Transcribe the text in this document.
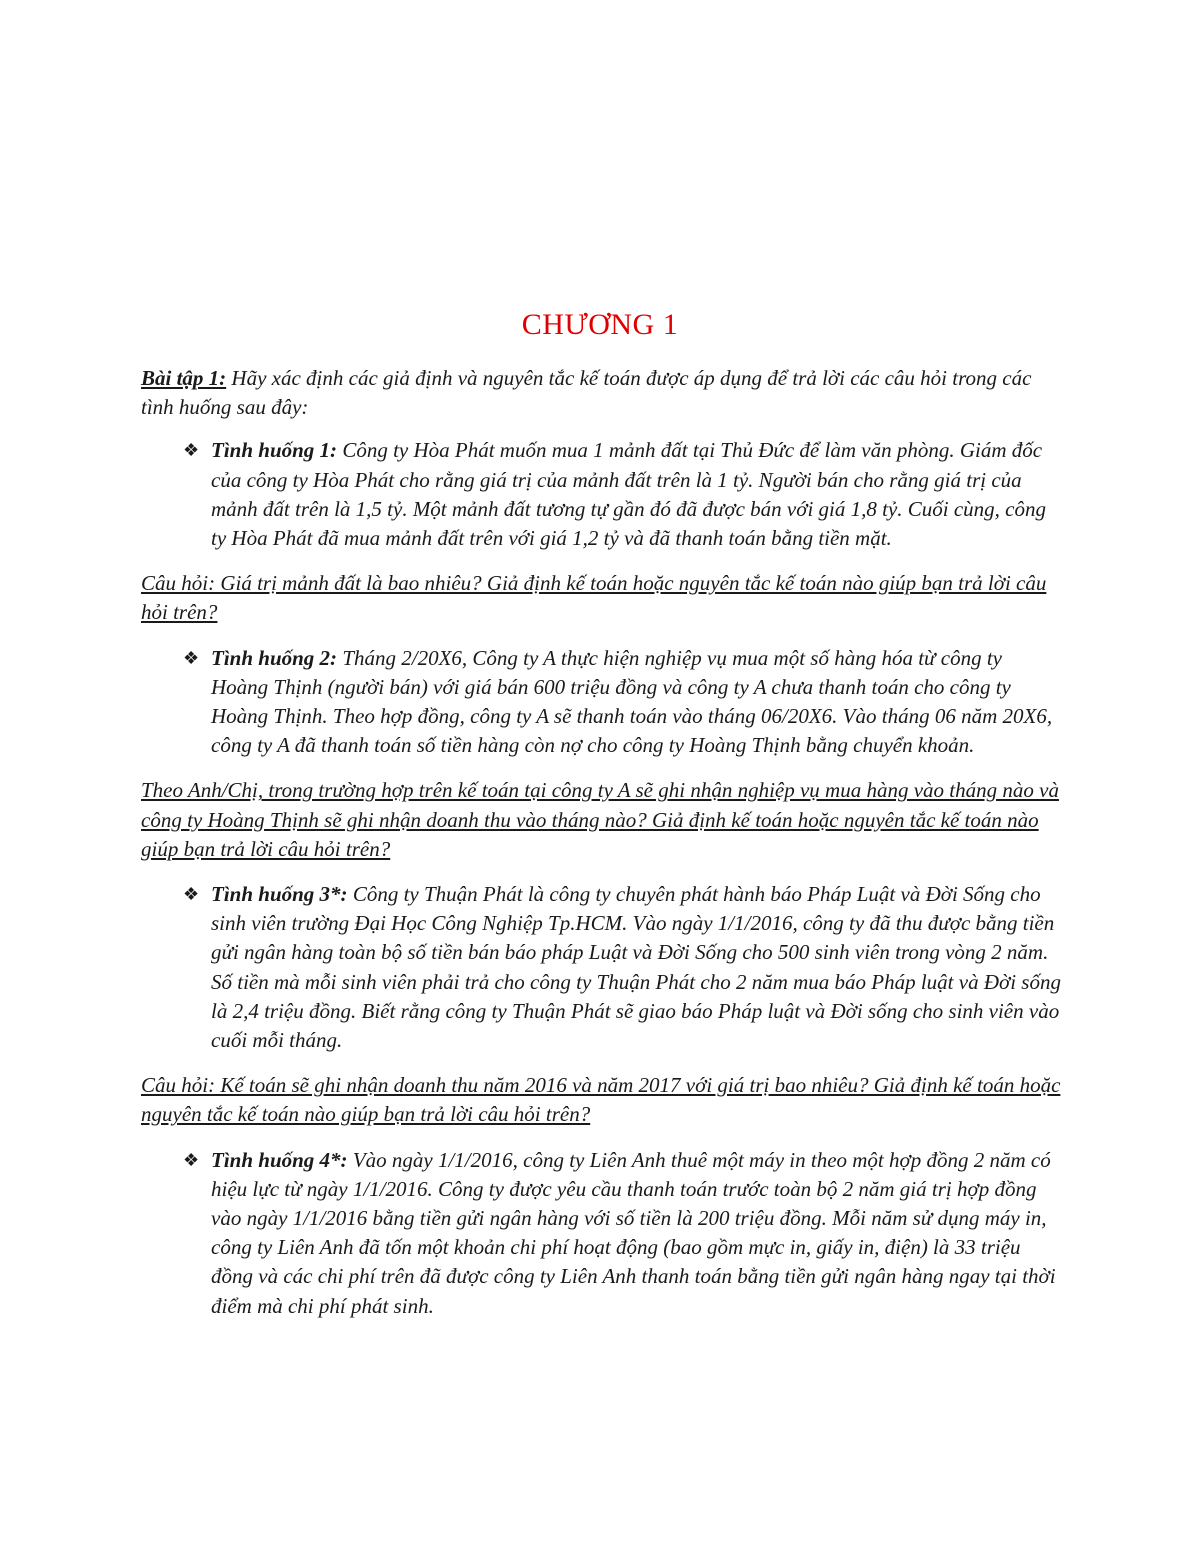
CHƯƠNG 1

Bài tập 1: Hãy xác định các giả định và nguyên tắc kế toán được áp dụng để trả lời các câu hỏi trong các tình huống sau đây:

❖ Tình huống 1: Công ty Hòa Phát muốn mua 1 mảnh đất tại Thủ Đức để làm văn phòng. Giám đốc của công ty Hòa Phát cho rằng giá trị của mảnh đất trên là 1 tỷ. Người bán cho rằng giá trị của mảnh đất trên là 1,5 tỷ. Một mảnh đất tương tự gần đó đã được bán với giá 1,8 tỷ. Cuối cùng, công ty Hòa Phát đã mua mảnh đất trên với giá 1,2 tỷ và đã thanh toán bằng tiền mặt.

Câu hỏi: Giá trị mảnh đất là bao nhiêu? Giả định kế toán hoặc nguyên tắc kế toán nào giúp bạn trả lời câu hỏi trên?

❖ Tình huống 2: Tháng 2/20X6, Công ty A thực hiện nghiệp vụ mua một số hàng hóa từ công ty Hoàng Thịnh (người bán) với giá bán 600 triệu đồng và công ty A chưa thanh toán cho công ty Hoàng Thịnh. Theo hợp đồng, công ty A sẽ thanh toán vào tháng 06/20X6. Vào tháng 06 năm 20X6, công ty A đã thanh toán số tiền hàng còn nợ cho công ty Hoàng Thịnh bằng chuyển khoản.

Theo Anh/Chị, trong trường hợp trên kế toán tại công ty A sẽ ghi nhận nghiệp vụ mua hàng vào tháng nào và công ty Hoàng Thịnh sẽ ghi nhận doanh thu vào tháng nào? Giả định kế toán hoặc nguyên tắc kế toán nào giúp bạn trả lời câu hỏi trên?

❖ Tình huống 3*: Công ty Thuận Phát là công ty chuyên phát hành báo Pháp Luật và Đời Sống cho sinh viên trường Đại Học Công Nghiệp Tp.HCM. Vào ngày 1/1/2016, công ty đã thu được bằng tiền gửi ngân hàng toàn bộ số tiền bán báo pháp Luật và Đời Sống cho 500 sinh viên trong vòng 2 năm. Số tiền mà mỗi sinh viên phải trả cho công ty Thuận Phát cho 2 năm mua báo Pháp luật và Đời sống là 2,4 triệu đồng. Biết rằng công ty Thuận Phát sẽ giao báo Pháp luật và Đời sống cho sinh viên vào cuối mỗi tháng.

Câu hỏi: Kế toán sẽ ghi nhận doanh thu năm 2016 và năm 2017 với giá trị bao nhiêu? Giả định kế toán hoặc nguyên tắc kế toán nào giúp bạn trả lời câu hỏi trên?

❖ Tình huống 4*: Vào ngày 1/1/2016, công ty Liên Anh thuê một máy in theo một hợp đồng 2 năm có hiệu lực từ ngày 1/1/2016. Công ty được yêu cầu thanh toán trước toàn bộ 2 năm giá trị hợp đồng vào ngày 1/1/2016 bằng tiền gửi ngân hàng với số tiền là 200 triệu đồng. Mỗi năm sử dụng máy in, công ty Liên Anh đã tốn một khoản chi phí hoạt động (bao gồm mực in, giấy in, điện) là 33 triệu đồng và các chi phí trên đã được công ty Liên Anh thanh toán bằng tiền gửi ngân hàng ngay tại thời điểm mà chi phí phát sinh.
